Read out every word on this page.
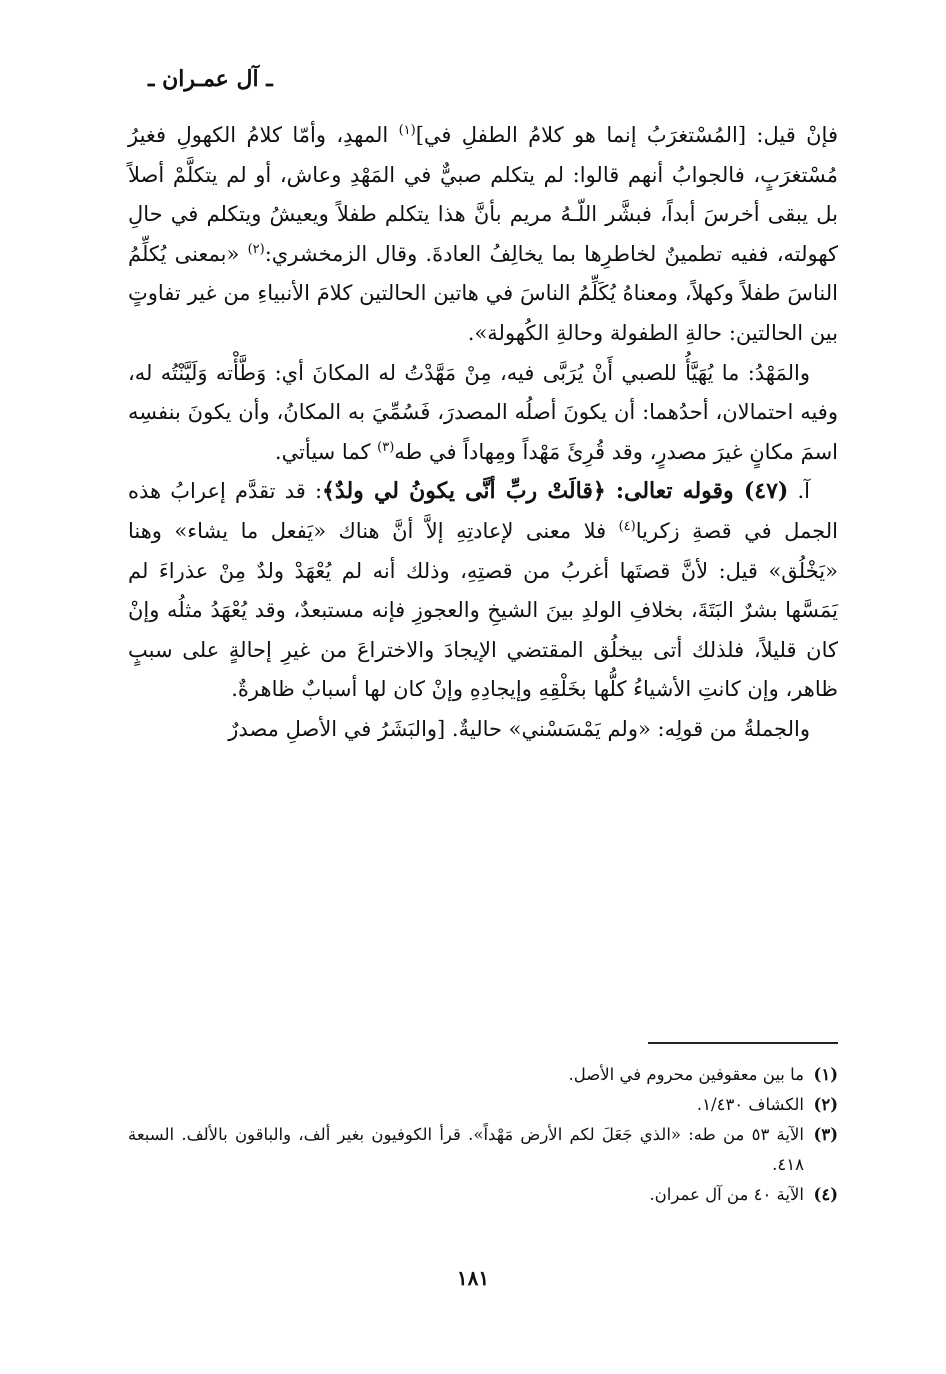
ـ آل عمـران ـ

فإنْ قيل: [المُسْتغرَبُ إنما هو كلامُ الطفلِ في]$^{(١)}$ المهدِ، وأمّا كلامُ الكهولِ فغيرُ مُسْتغرَبٍ، فالجوابُ أنهم قالوا: لم يتكلم صبيٌّ في المَهْدِ وعاش، أو لم يتكلَّمْ أصلاً بل يبقى أخرسَ أبداً، فبشَّر اللّـهُ مريم بأنَّ هذا يتكلم طفلاً ويعيشُ ويتكلم في حالِ كهولته، ففيه تطمينٌ لخاطرِها بما يخالِفُ العادةَ. وقال الزمخشري:$^{(٢)}$ «بمعنى يُكلِّمُ الناسَ طفلاً وكهلاً، ومعناهُ يُكَلِّمُ الناسَ في هاتين الحالتين كلامَ الأنبياءِ من غير تفاوتٍ بين الحالتين: حالةِ الطفولة وحالةِ الكُهولة».

والمَهْدُ: ما يُهَيَّأُ للصبي أَنْ يُرَبَّى فيه، مِنْ مَهَّدْتُ له المكانَ أي: وَطَّأْته وَلَيَّنْتُه له، وفيه احتمالان، أحدُهما: أن يكونَ أصلُه المصدرَ، فَسُمِّيَ به المكانُ، وأن يكونَ بنفسِه اسمَ مكانٍ غيرَ مصدرٍ، وقد قُرِئَ مَهْداً ومِهاداً في طه$^{(٣)}$ كما سيأتي.

آ. (٤٧) وقوله تعالى: ﴿قالَتْ ربِّ أنَّى يكونُ لي ولدٌ﴾: قد تقدَّم إعرابُ هذه الجمل في قصةِ زكريا$^{(٤)}$ فلا معنى لإعادتِهِ إلاَّ أنَّ هناك «يَفعل ما يشاء» وهنا «يَخْلُق» قيل: لأنَّ قصتَها أغربُ من قصتِهِ، وذلك أنه لم يُعْهَدْ ولدٌ مِنْ عذراءَ لم يَمَسَّها بشرٌ البَتَةَ، بخلافِ الولدِ بينَ الشيخِ والعجوزِ فإنه مستبعدٌ، وقد يُعْهَدُ مثلُه وإنْ كان قليلاً، فلذلك أتى بيخلُق المقتضي الإيجادَ والاختراعَ من غيرِ إحالةٍ على سببٍ ظاهر، وإن كانتِ الأشياءُ كلُّها بخَلْقِهِ وإيجادِهِ وإنْ كان لها أسبابٌ ظاهرةٌ.

والجملةُ من قولِه: «ولم يَمْسَسْني» حاليةٌ. [والبَشَرُ في الأصلِ مصدرٌ

(١)
ما بين معقوفين محروم في الأصل.
(٢)
الكشاف ١/٤٣٠.
(٣)
الآية ٥٣ من طه: «الذي جَعَلَ لكم الأرض مَهْداً». قرأ الكوفيون بغير ألف، والباقون بالألف. السبعة ٤١٨.
(٤)
الآية ٤٠ من آل عمران.
١٨١
